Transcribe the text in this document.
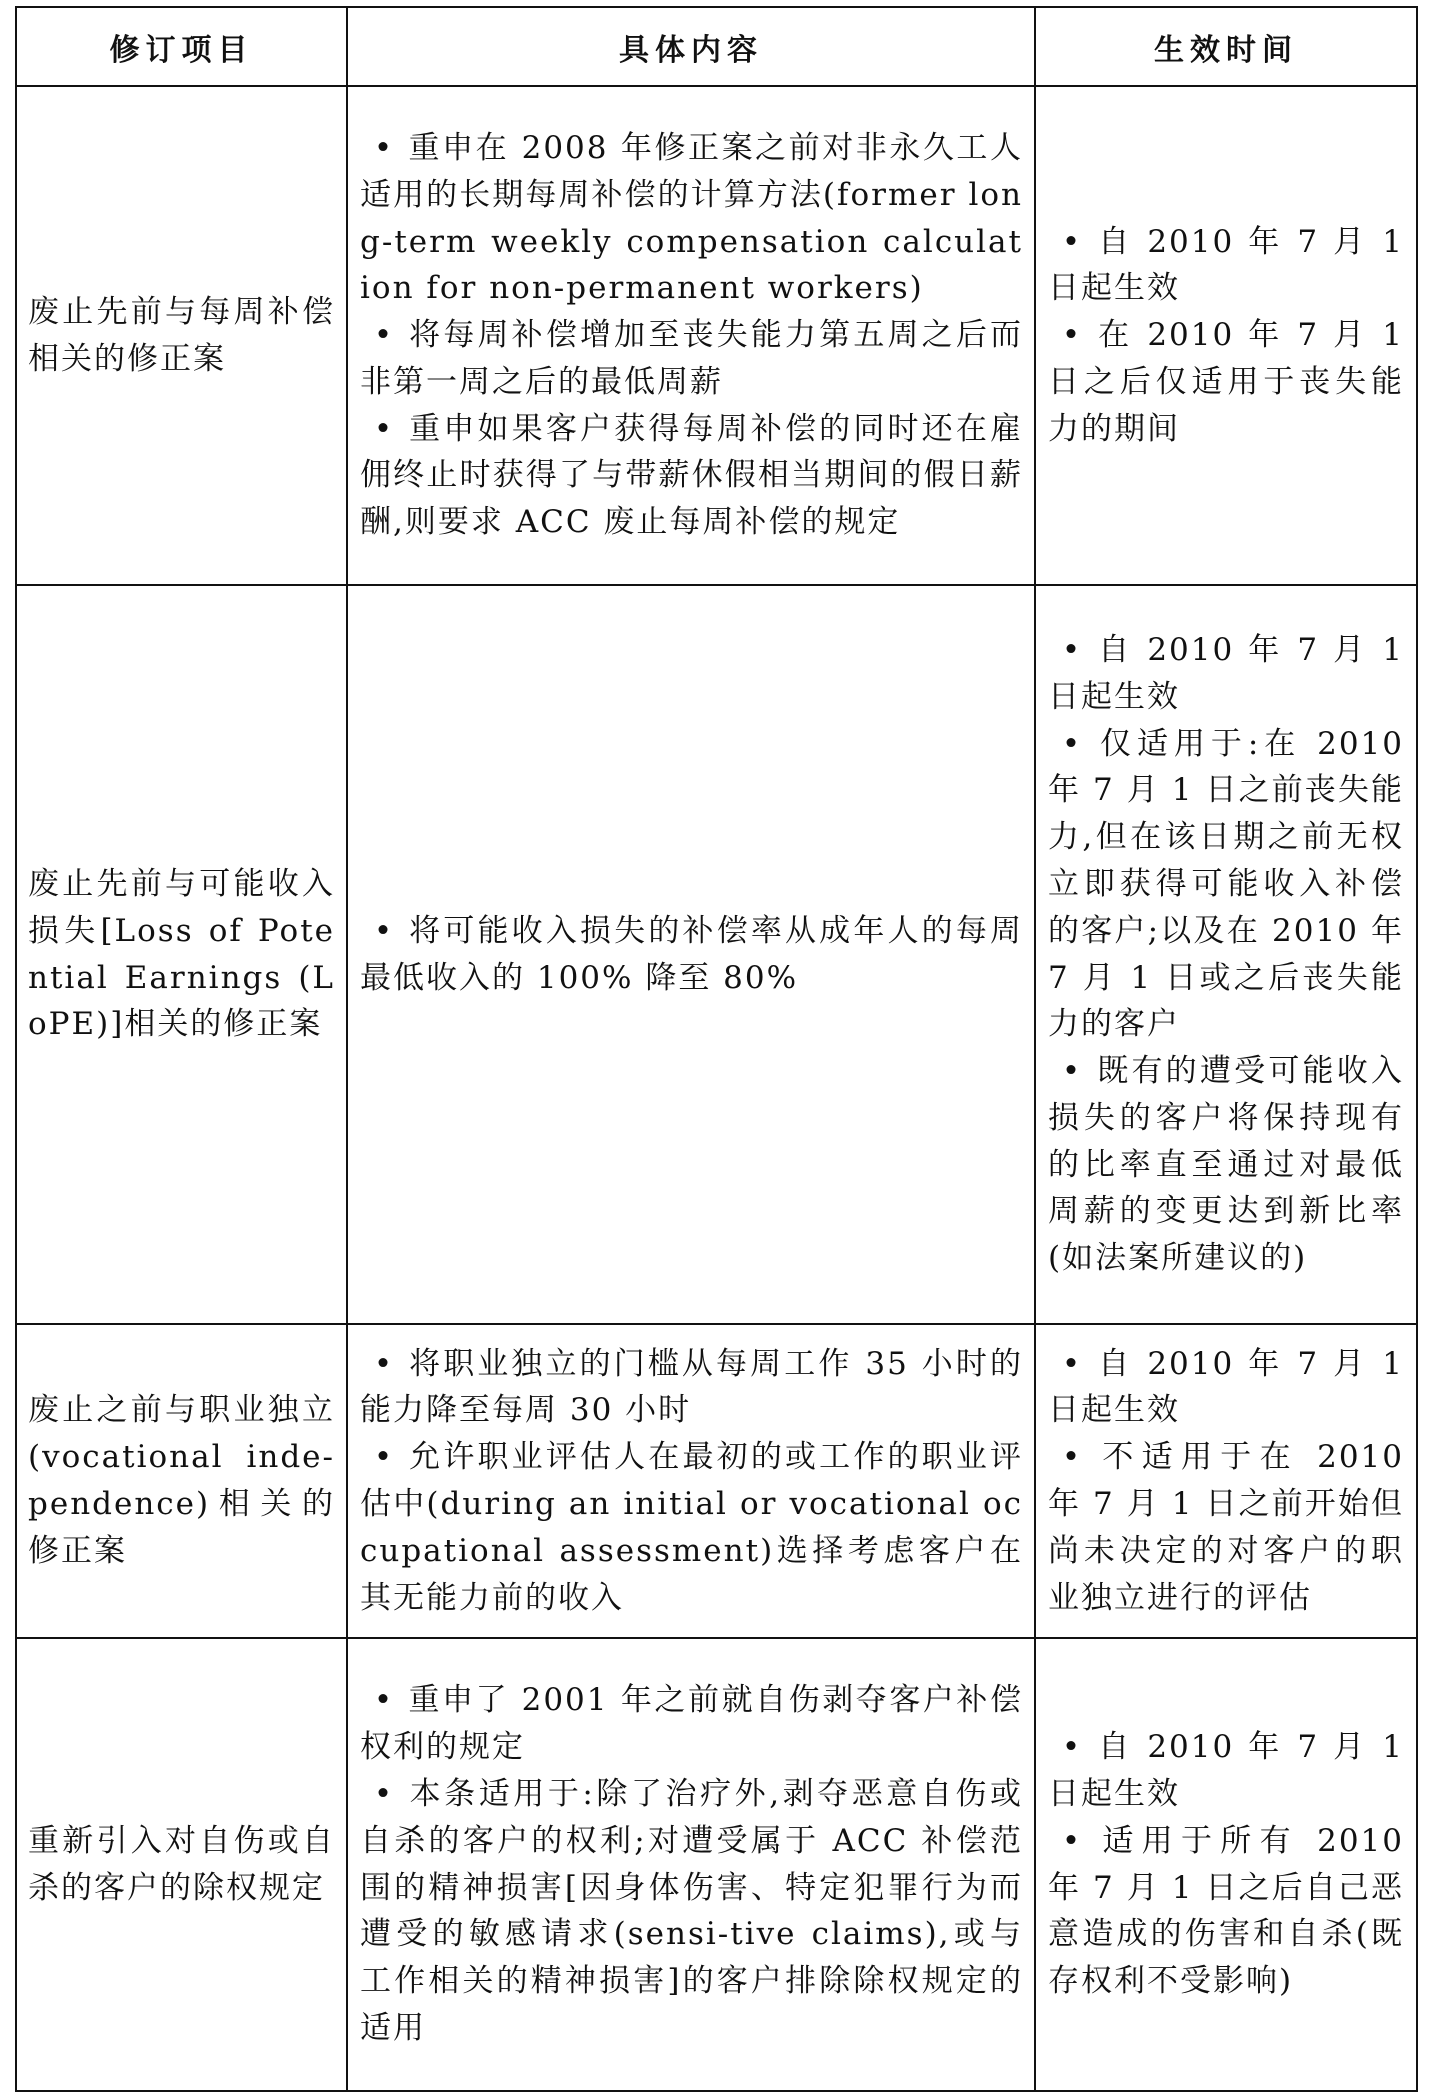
修订项目	具体内容	生效时间
废止先前与每周补偿相关的修正案	• 重申在 2008 年修正案之前对非永久工人适用的长期每周补偿的计算方法(former long-term weekly compensation calculation for non-permanent workers)
• 将每周补偿增加至丧失能力第五周之后而非第一周之后的最低周薪
• 重申如果客户获得每周补偿的同时还在雇佣终止时获得了与带薪休假相当期间的假日薪酬,则要求 ACC 废止每周补偿的规定	• 自 2010 年 7 月 1 日起生效
• 在 2010 年 7 月 1 日之后仅适用于丧失能力的期间

废止先前与可能收入损失[Loss of Potential Earnings (LoPE)]相关的修正案	• 将可能收入损失的补偿率从成年人的每周最低收入的 100% 降至 80%	• 自 2010 年 7 月 1 日起生效
• 仅适用于:在 2010 年 7 月 1 日之前丧失能力,但在该日期之前无权立即获得可能收入补偿的客户;以及在 2010 年 7 月 1 日或之后丧失能力的客户
• 既有的遭受可能收入损失的客户将保持现有的比率直至通过对最低周薪的变更达到新比率(如法案所建议的)

废止之前与职业独立(vocational inde-pendence)相关的修正案	• 将职业独立的门槛从每周工作 35 小时的能力降至每周 30 小时
• 允许职业评估人在最初的或工作的职业评估中(during an initial or vocational occupational assessment)选择考虑客户在其无能力前的收入	• 自 2010 年 7 月 1 日起生效
• 不适用于在 2010 年 7 月 1 日之前开始但尚未决定的对客户的职业独立进行的评估

重新引入对自伤或自杀的客户的除权规定	• 重申了 2001 年之前就自伤剥夺客户补偿权利的规定
• 本条适用于:除了治疗外,剥夺恶意自伤或自杀的客户的权利;对遭受属于 ACC 补偿范围的精神损害[因身体伤害、特定犯罪行为而遭受的敏感请求(sensi-tive claims),或与工作相关的精神损害]的客户排除除权规定的适用	• 自 2010 年 7 月 1 日起生效
• 适用于所有 2010 年 7 月 1 日之后自己恶意造成的伤害和自杀(既存权利不受影响)
